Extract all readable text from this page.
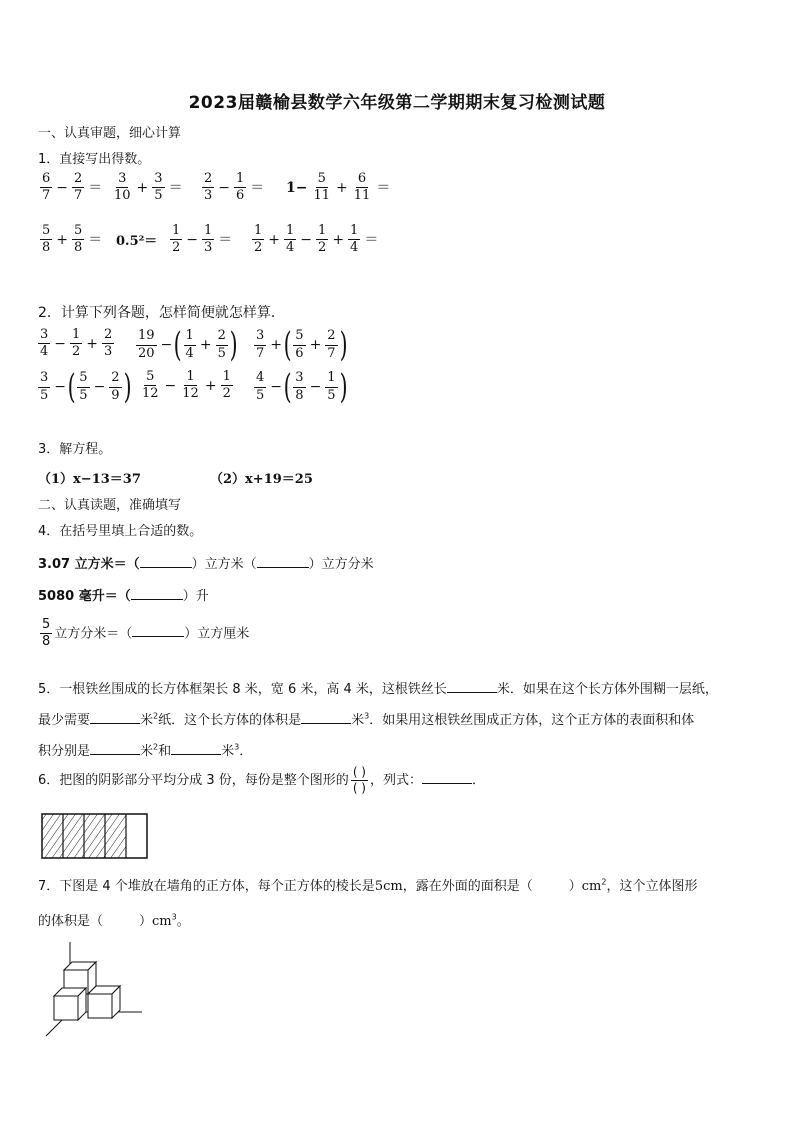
2023届赣榆县数学六年级第二学期期末复习检测试题
一、认真审题，细心计算
1．直接写出得数。
$\frac{6}{7} - \frac{2}{7} = \frac{3}{10} + \frac{3}{5} = \frac{2}{3} - \frac{1}{6} = 1- \frac{5}{11} + \frac{6}{11}$ ＝
$\frac{5}{8} + \frac{5}{8} = 0.5^2= \frac{1}{2} - \frac{1}{3} = \frac{1}{2} + \frac{1}{4} - \frac{1}{2} + \frac{1}{4}$ ＝
2．计算下列各题，怎样简便就怎样算．
$\frac{3}{4} - \frac{1}{2} + \frac{2}{3} \frac{19}{20}$ −( $\frac{1}{4} + \frac{2}{5}$ ) $\frac{3}{7}$ +( $\frac{5}{6} + \frac{2}{7}$ )
$\frac{3}{5}$ −( $\frac{5}{5} - \frac{2}{9}$ ) $\frac{5}{12} - \frac{1}{12} + \frac{1}{2} \frac{4}{5}$ −( $\frac{3}{8} - \frac{1}{5}$ )
3．解方程。
（1）x−13＝37	（2）x+19＝25
二、认真读题，准确填写
4．在括号里填上合适的数。
3.07 立方米＝（	）立方米（	）立方分米
5080 毫升＝（	）升
$\frac{5}{8}$ 立方分米＝（	）立方厘米
5．一根铁丝围成的长方体框架长 8 米，宽 6 米，高 4 米，这根铁丝长	米．如果在这个长方体外围糊一层纸，
最少需要	米$^2$纸．这个长方体的体积是	米$^3$．如果用这根铁丝围成正方体，这个正方体的表面积和体
积分别是	米$^2$和	米$^3$．
6．把图的阴影部分平均分成 3 份，每份是整个图形的
( )
( ) ，列式：	．
7．下图是 4 个堆放在墙角的正方体，每个正方体的棱长是5cm，露在外面的面积是（	）$cm^2$，这个立体图形
的体积是（	）$cm^3$。
